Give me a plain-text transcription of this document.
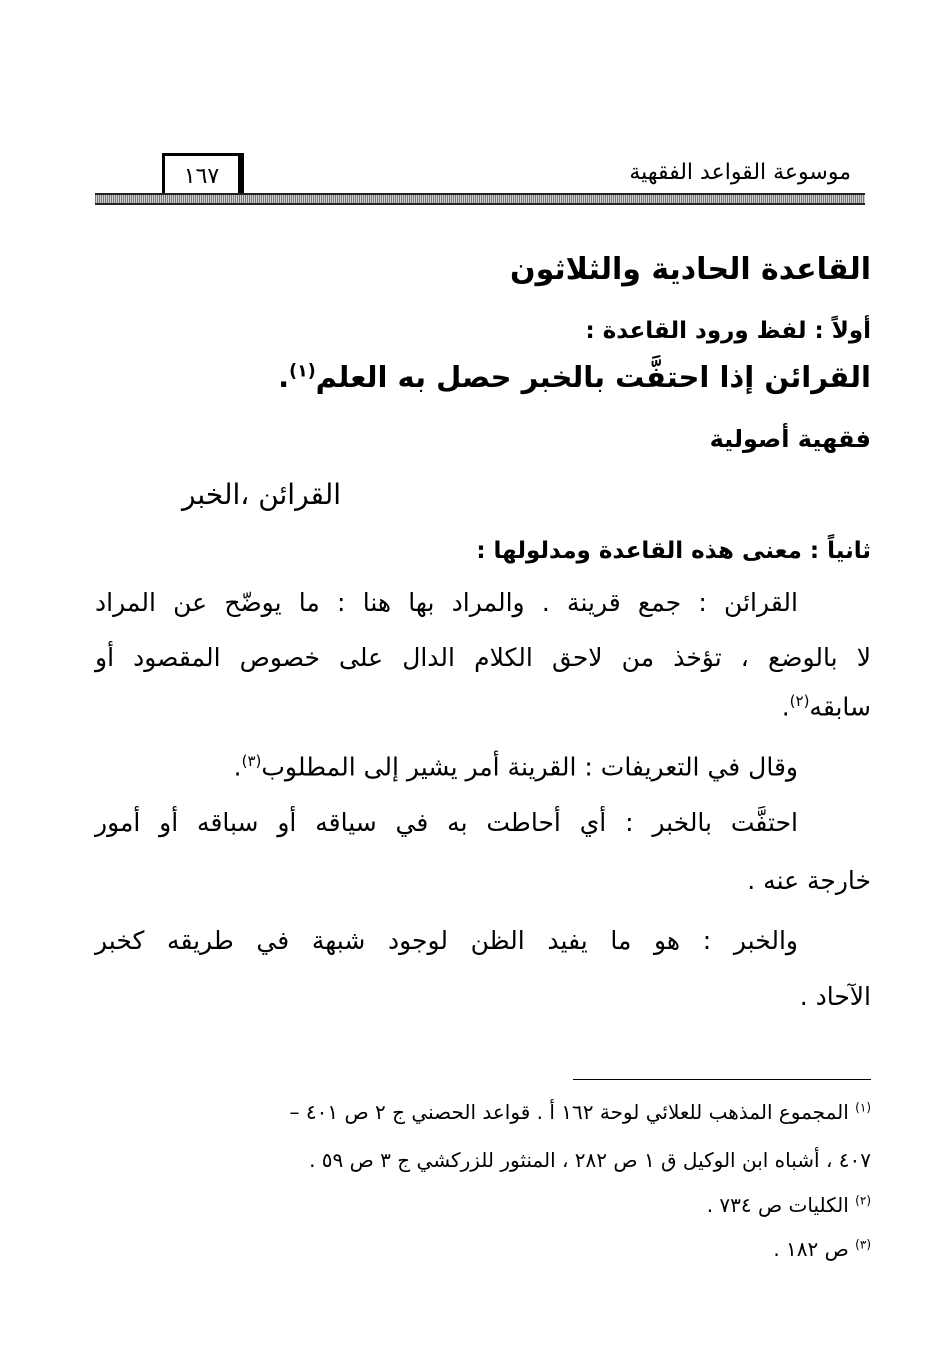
موسوعة القواعد الفقهية
١٦٧
القاعدة الحادية والثلاثون
أولاً : لفظ ورود القاعدة :
القرائن إذا احتفَّت بالخبر حصل به العلم$^{(١)}$.
فقهية أصولية
القرائن ،الخبر
ثانياً : معنى هذه القاعدة ومدلولها :
القرائن : جمع قرينة . والمراد بها هنا : ما يوضّح عن المراد
لا بالوضع ، تؤخذ من لاحق الكلام الدال على خصوص المقصود أو
سابقه$^{(٢)}$.
وقال في التعريفات : القرينة أمر يشير إلى المطلوب$^{(٣)}$.
احتفَّت بالخبر : أي أحاطت به في سياقه أو سباقه أو أمور
خارجة عنه .
والخبر : هو ما يفيد الظن لوجود شبهة في طريقه كخبر
الآحاد .
$^{(١)}$ المجموع المذهب للعلائي لوحة ١٦٢ أ . قواعد الحصني ج ٢ ص ٤٠١ –
٤٠٧ ، أشباه ابن الوكيل ق ١ ص ٢٨٢ ، المنثور للزركشي ج ٣ ص ٥٩ .
$^{(٢)}$ الكليات ص ٧٣٤ .
$^{(٣)}$ ص ١٨٢ .
